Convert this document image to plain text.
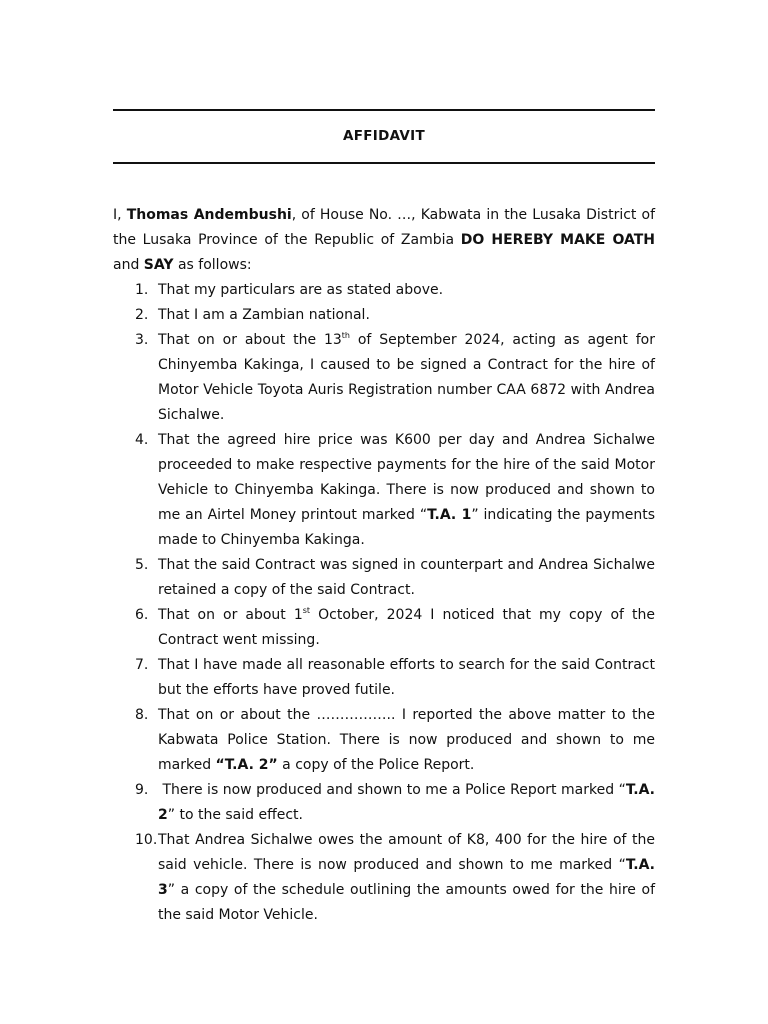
AFFIDAVIT

I, Thomas Andembushi, of House No. …, Kabwata in the Lusaka District of the Lusaka Province of the Republic of Zambia DO HEREBY MAKE OATH and SAY as follows:

1. That my particulars are as stated above.
2. That I am a Zambian national.
3. That on or about the 13th of September 2024, acting as agent for Chinyemba Kakinga, I caused to be signed a Contract for the hire of Motor Vehicle Toyota Auris Registration number CAA 6872 with Andrea Sichalwe.
4. That the agreed hire price was K600 per day and Andrea Sichalwe proceeded to make respective payments for the hire of the said Motor Vehicle to Chinyemba Kakinga. There is now produced and shown to me an Airtel Money printout marked “T.A. 1” indicating the payments made to Chinyemba Kakinga.
5. That the said Contract was signed in counterpart and Andrea Sichalwe retained a copy of the said Contract.
6. That on or about 1st October, 2024 I noticed that my copy of the Contract went missing.
7. That I have made all reasonable efforts to search for the said Contract but the efforts have proved futile.
8. That on or about the …………….. I reported the above matter to the Kabwata Police Station. There is now produced and shown to me marked “T.A. 2” a copy of the Police Report.
9. There is now produced and shown to me a Police Report marked “T.A. 2” to the said effect.
10. That Andrea Sichalwe owes the amount of K8, 400 for the hire of the said vehicle. There is now produced and shown to me marked “T.A. 3” a copy of the schedule outlining the amounts owed for the hire of the said Motor Vehicle.
